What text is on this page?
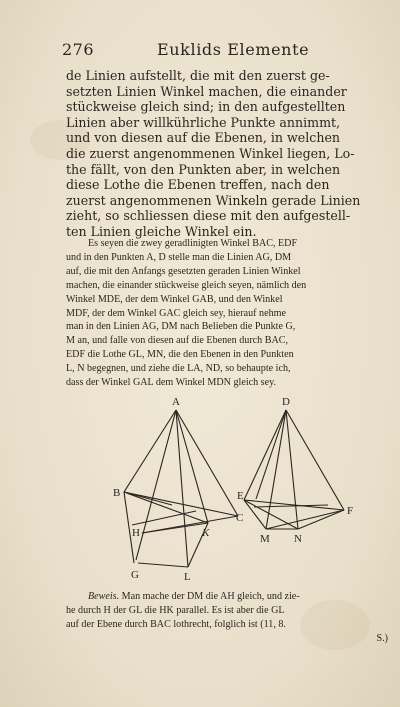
276	Euklids Elemente
de Linien aufstellt, die mit den zuerst ge-
setzten Linien Winkel machen, die einander
stückweise gleich sind; in den aufgestellten
Linien aber willkührliche Punkte annimmt,
und von diesen auf die Ebenen, in welchen
die zuerst angenommenen Winkel liegen, Lo-
the fällt, von den Punkten aber, in welchen
diese Lothe die Ebenen treffen, nach den
zuerst angenommenen Winkeln gerade Linien
zieht, so schliessen diese mit den aufgestell-
ten Linien gleiche Winkel ein.
Es seyen die zwey geradlinigten Winkel BAC, EDF
und in den Punkten A, D stelle man die Linien AG, DM
auf, die mit den Anfangs gesetzten geraden Linien Winkel
machen, die einander stückweise gleich seyen, nämlich den
Winkel MDE, der dem Winkel GAB, und den Winkel
MDF, der dem Winkel GAC gleich sey, hierauf nehme
man in den Linien AG, DM nach Belieben die Punkte G,
M an, und falle von diesen auf die Ebenen durch BAC,
EDF die Lothe GL, MN, die den Ebenen in den Punkten
L, N begegnen, und ziehe die LA, ND, so behaupte ich,
dass der Winkel GAL dem Winkel MDN gleich sey.
A
B
C
D
E
F
G
H	K
L
M N
Beweis. Man mache der DM die AH gleich, und zie-
he durch H der GL die HK parallel. Es ist aber die GL
auf der Ebene durch BAC lothrecht, folglich ist (11, 8.
S.)
